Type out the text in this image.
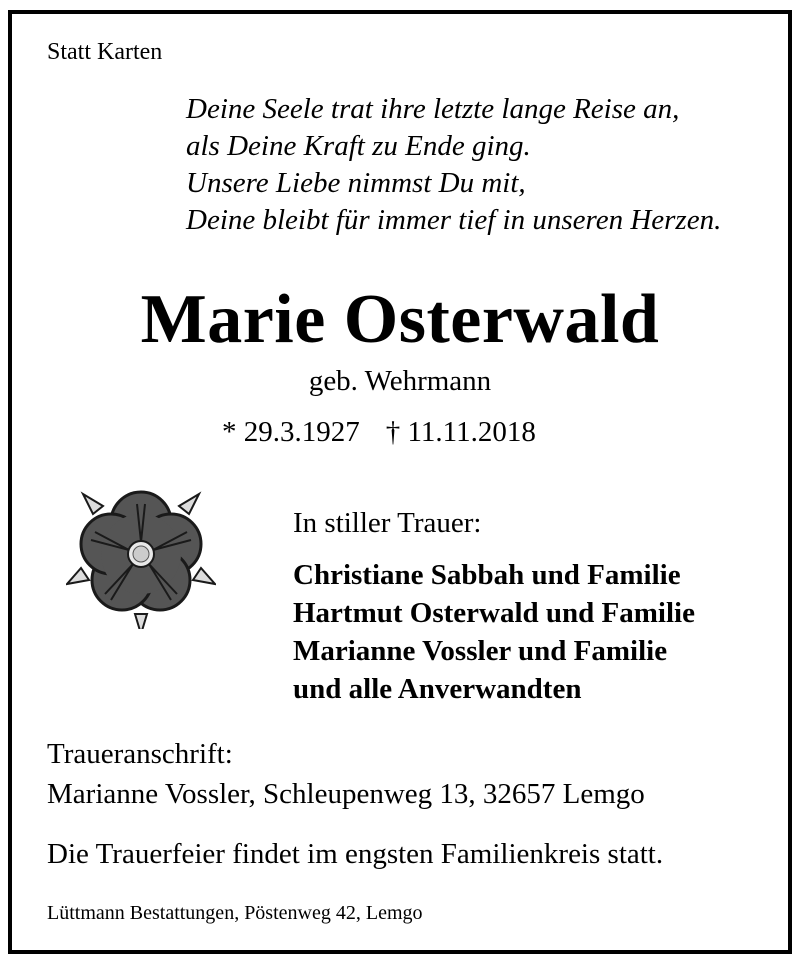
Statt Karten
Deine Seele trat ihre letzte lange Reise an,
als Deine Kraft zu Ende ging.
Unsere Liebe nimmst Du mit,
Deine bleibt für immer tief in unseren Herzen.
Marie Osterwald
geb. Wehrmann
* 29.3.1927 † 11.11.2018
In stiller Trauer:
Christiane Sabbah und Familie
Hartmut Osterwald und Familie
Marianne Vossler und Familie
und alle Anverwandten
Traueranschrift:
Marianne Vossler, Schleupenweg 13, 32657 Lemgo
Die Trauerfeier findet im engsten Familienkreis statt.
Lüttmann Bestattungen, Pöstenweg 42, Lemgo
